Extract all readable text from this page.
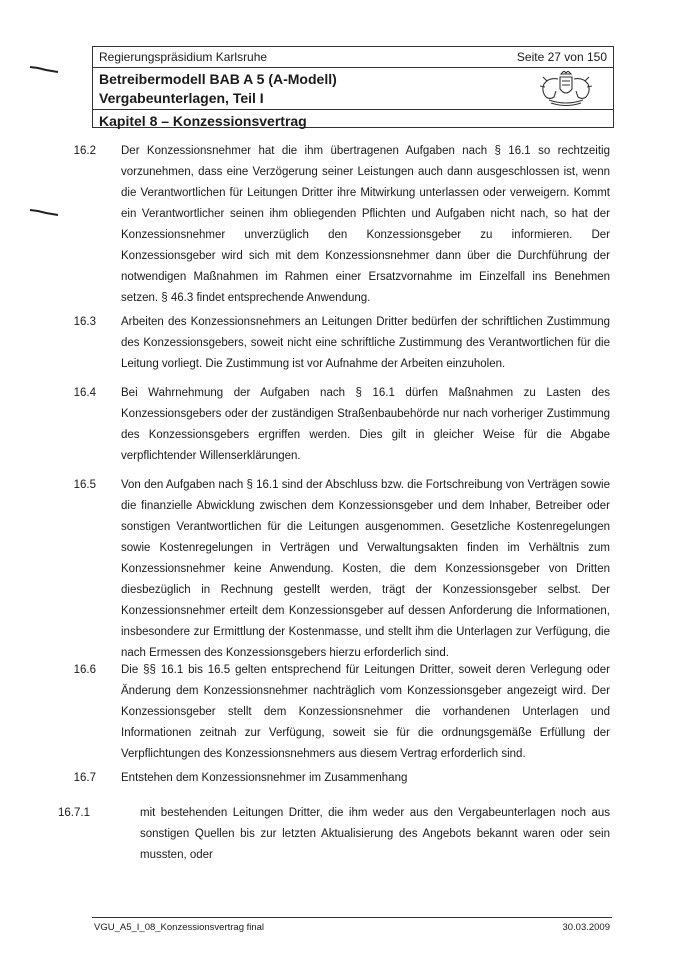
Regierungspräsidium Karlsruhe	Seite 27 von 150
Betreibermodell BAB A 5 (A-Modell)
Vergabeunterlagen, Teil I
Kapitel 8 – Konzessionsvertrag
16.2 Der Konzessionsnehmer hat die ihm übertragenen Aufgaben nach § 16.1 so rechtzeitig vorzunehmen, dass eine Verzögerung seiner Leistungen auch dann ausgeschlossen ist, wenn die Verantwortlichen für Leitungen Dritter ihre Mitwirkung unterlassen oder verweigern. Kommt ein Verantwortlicher seinen ihm obliegenden Pflichten und Aufgaben nicht nach, so hat der Konzessionsnehmer unverzüglich den Konzessionsgeber zu informieren. Der Konzessionsgeber wird sich mit dem Konzessionsnehmer dann über die Durchführung der notwendigen Maßnahmen im Rahmen einer Ersatzvornahme im Einzelfall ins Benehmen setzen. § 46.3 findet entsprechende Anwendung.
16.3 Arbeiten des Konzessionsnehmers an Leitungen Dritter bedürfen der schriftlichen Zustimmung des Konzessionsgebers, soweit nicht eine schriftliche Zustimmung des Verantwortlichen für die Leitung vorliegt. Die Zustimmung ist vor Aufnahme der Arbeiten einzuholen.
16.4 Bei Wahrnehmung der Aufgaben nach § 16.1 dürfen Maßnahmen zu Lasten des Konzessionsgebers oder der zuständigen Straßenbaubehörde nur nach vorheriger Zustimmung des Konzessionsgebers ergriffen werden. Dies gilt in gleicher Weise für die Abgabe verpflichtender Willenserklärungen.
16.5 Von den Aufgaben nach § 16.1 sind der Abschluss bzw. die Fortschreibung von Verträgen sowie die finanzielle Abwicklung zwischen dem Konzessionsgeber und dem Inhaber, Betreiber oder sonstigen Verantwortlichen für die Leitungen ausgenommen. Gesetzliche Kostenregelungen sowie Kostenregelungen in Verträgen und Verwaltungsakten finden im Verhältnis zum Konzessionsnehmer keine Anwendung. Kosten, die dem Konzessionsgeber von Dritten diesbezüglich in Rechnung gestellt werden, trägt der Konzessionsgeber selbst. Der Konzessionsnehmer erteilt dem Konzessionsgeber auf dessen Anforderung die Informationen, insbesondere zur Ermittlung der Kostenmasse, und stellt ihm die Unterlagen zur Verfügung, die nach Ermessen des Konzessionsgebers hierzu erforderlich sind.
16.6 Die §§ 16.1 bis 16.5 gelten entsprechend für Leitungen Dritter, soweit deren Verlegung oder Änderung dem Konzessionsnehmer nachträglich vom Konzessionsgeber angezeigt wird. Der Konzessionsgeber stellt dem Konzessionsnehmer die vorhandenen Unterlagen und Informationen zeitnah zur Verfügung, soweit sie für die ordnungsgemäße Erfüllung der Verpflichtungen des Konzessionsnehmers aus diesem Vertrag erforderlich sind.
16.7 Entstehen dem Konzessionsnehmer im Zusammenhang
16.7.1	mit bestehenden Leitungen Dritter, die ihm weder aus den Vergabeunterlagen noch aus sonstigen Quellen bis zur letzten Aktualisierung des Angebots bekannt waren oder sein mussten, oder
VGU_A5_I_08_Konzessionsvertrag final	30.03.2009
